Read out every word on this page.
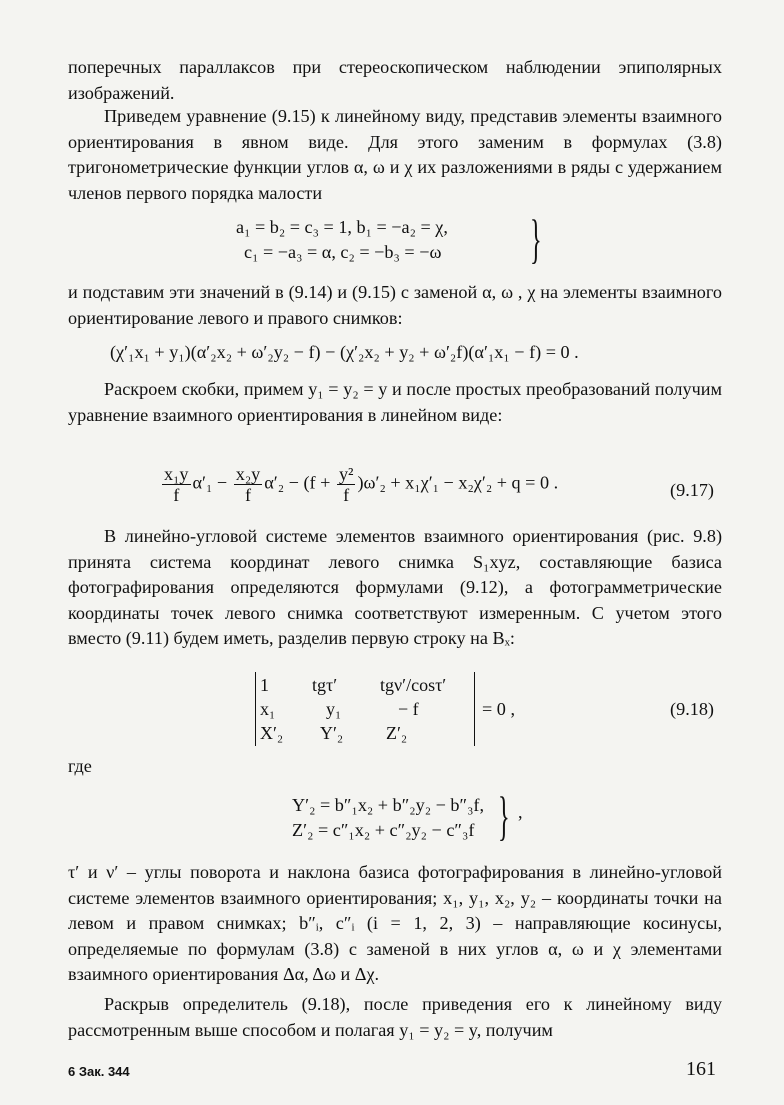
поперечных параллаксов при стереоскопическом наблюдении эпиполярных изображений.

Приведем уравнение (9.15) к линейному виду, представив элементы взаимного ориентирования в явном виде. Для этого заменим в формулах (3.8) тригонометрические функции углов α, ω и χ их разложениями в ряды с удержанием членов первого порядка малости

a₁ = b₂ = c₃ = 1, b₁ = −a₂ = χ,
c₁ = −a₃ = α, c₂ = −b₃ = −ω }

и подставим эти значений в (9.14) и (9.15) с заменой α, ω , χ на элементы взаимного ориентирование левого и правого снимков:

(χ′₁x₁ + y₁)(α′₂x₂ + ω′₂y₂ − f) − (χ′₂x₂ + y₂ + ω′₂f)(α′₁x₁ − f) = 0 .

Раскроем скобки, примем y₁ = y₂ = y и после простых преобразований получим уравнение взаимного ориентирования в линейном виде:

$\frac{\text{x₁y}}{f} \alpha'_1 - \frac{\text{x₂y}}{f} \alpha'_2 - (f + \frac{\text{y²}}{f} )\omega'_2 + x_1\chi'_1 - x_2\chi'_2 + q = 0$ .	(9.17)

В линейно-угловой системе элементов взаимного ориентирования (рис. 9.8) принята система координат левого снимка S₁xyz, составляющие базиса фотографирования определяются формулами (9.12), а фотограмметрические координаты точек левого снимка соответствуют измеренным. С учетом этого вместо (9.11) будем иметь, разделив первую строку на Bₓ:

1 tgτ′ tgν′/cosτ′
x₁	y₁	− f
X′₂ Y′₂ Z′₂
= 0 ,	(9.18)

где

Y′₂ = b″₁x₂ + b″₂y₂ − b″₃f,
Z′₂ = c″₁x₂ + c″₂y₂ − c″₃f } ,

τ′ и ν′ – углы поворота и наклона базиса фотографирования в линейно-угловой системе элементов взаимного ориентирования; x₁, y₁, x₂, y₂ – координаты точки на левом и правом снимках; b″ᵢ, c″ᵢ (i = 1, 2, 3) – направляющие косинусы, определяемые по формулам (3.8) с заменой в них углов α, ω и χ элементами взаимного ориентирования Δα, Δω и Δχ.

Раскрыв определитель (9.18), после приведения его к линейному виду рассмотренным выше способом и полагая y₁ = y₂ = y, получим

6 Зак. 344	161
